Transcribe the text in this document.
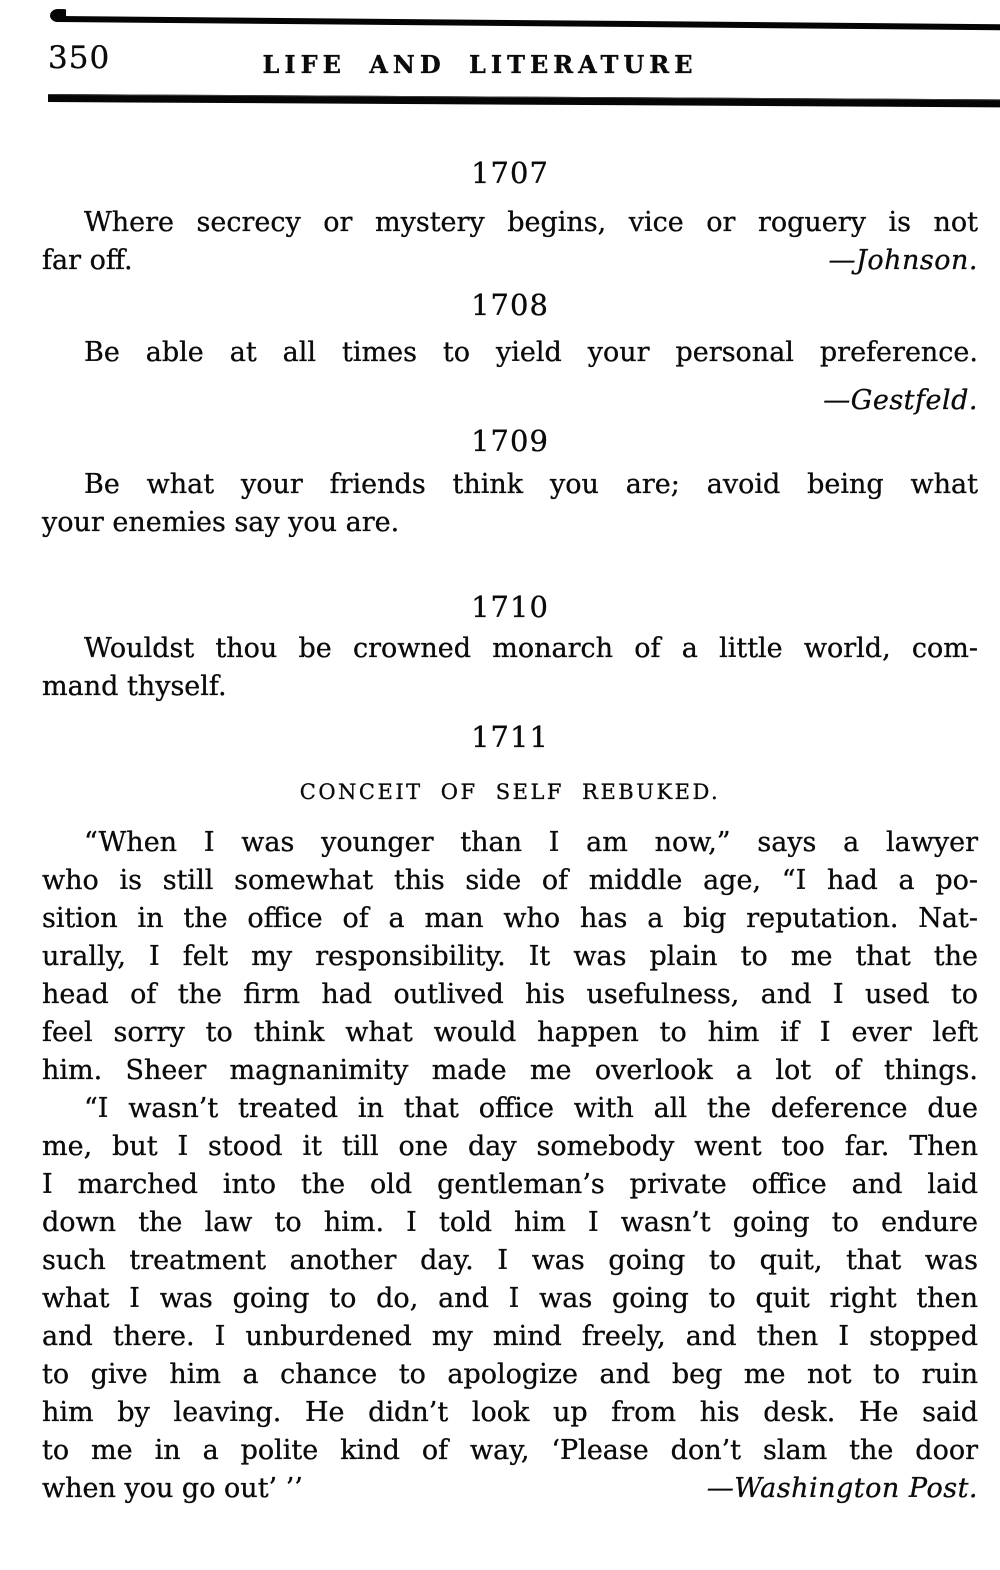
350	LIFE AND LITERATURE
1707
Where secrecy or mystery begins, vice or roguery is not
far off.	—Johnson.
1708
Be able at all times to yield your personal preference.
—Gestfeld.
1709
Be what your friends think you are; avoid being what
your enemies say you are.
1710
Wouldst thou be crowned monarch of a little world, com-
mand thyself.
1711
CONCEIT OF SELF REBUKED.
“When I was younger than I am now,” says a lawyer
who is still somewhat this side of middle age, “I had a po-
sition in the office of a man who has a big reputation. Nat-
urally, I felt my responsibility. It was plain to me that the
head of the firm had outlived his usefulness, and I used to
feel sorry to think what would happen to him if I ever left
him. Sheer magnanimity made me overlook a lot of things.
“I wasn’t treated in that office with all the deference due
me, but I stood it till one day somebody went too far. Then
I marched into the old gentleman’s private office and laid
down the law to him. I told him I wasn’t going to endure
such treatment another day. I was going to quit, that was
what I was going to do, and I was going to quit right then
and there. I unburdened my mind freely, and then I stopped
to give him a chance to apologize and beg me not to ruin
him by leaving. He didn’t look up from his desk. He said
to me in a polite kind of way, ‘Please don’t slam the door
when you go out’ ’’	—Washington Post.
